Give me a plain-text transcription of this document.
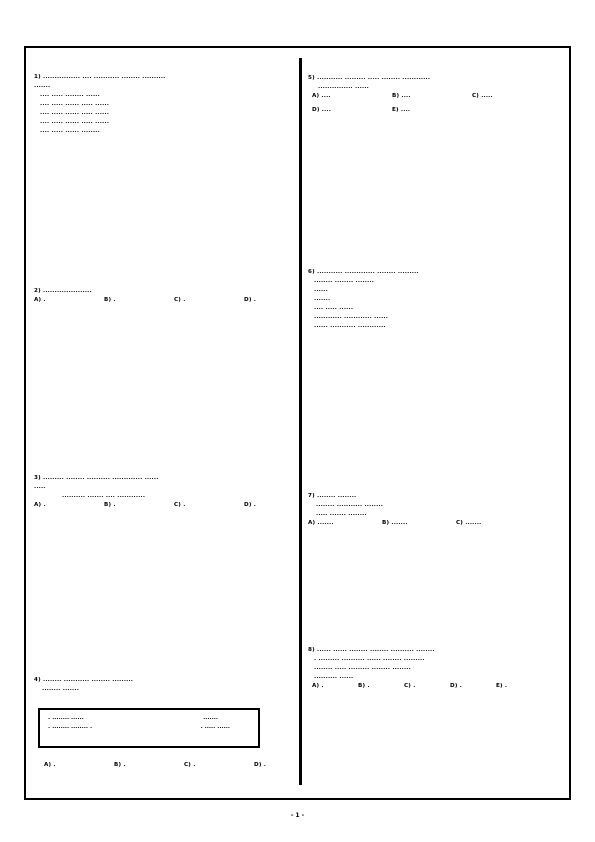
1) ................ .... ........... ........ ..........
.......
.... ..... ........ ......
.... ..... ...... ..... ......
.... ..... ...... ..... ......
.... ..... ...... ..... ......
.... ..... ...... ........
2) .....................
A) .	B) .	C) .	D) .
3) ......... ........ .......... ............. ......
.....
.......... ....... .... ............
A) .	B) .	C) .	D) .
4) ........ ........... ........ .........
........ .......
. ........ ......	.......
. ........ ........ .	. ..... ......
A) .	B) .	C) .	D) .
5) ........... ......... ..... ........ ............
............... ......
A) ....	B) ....	C) .....
D) ....	E) ....
6) ........... ............. ........ .........
........ ........ ........
......
.......
.... ..... ......
............ ............ ......
...... ........... ............
7) ........ ........
........ ........... ........
..... ....... ........
A) .......	B) .......	C) .......
8) ...... ...... ........ ........ .......... ........
. ......... .......... ...... ........ .........
........ ..... ......... ........ ........
.......... ......
A) .	B) .	C) .	D) .	E) .
- 1 -
